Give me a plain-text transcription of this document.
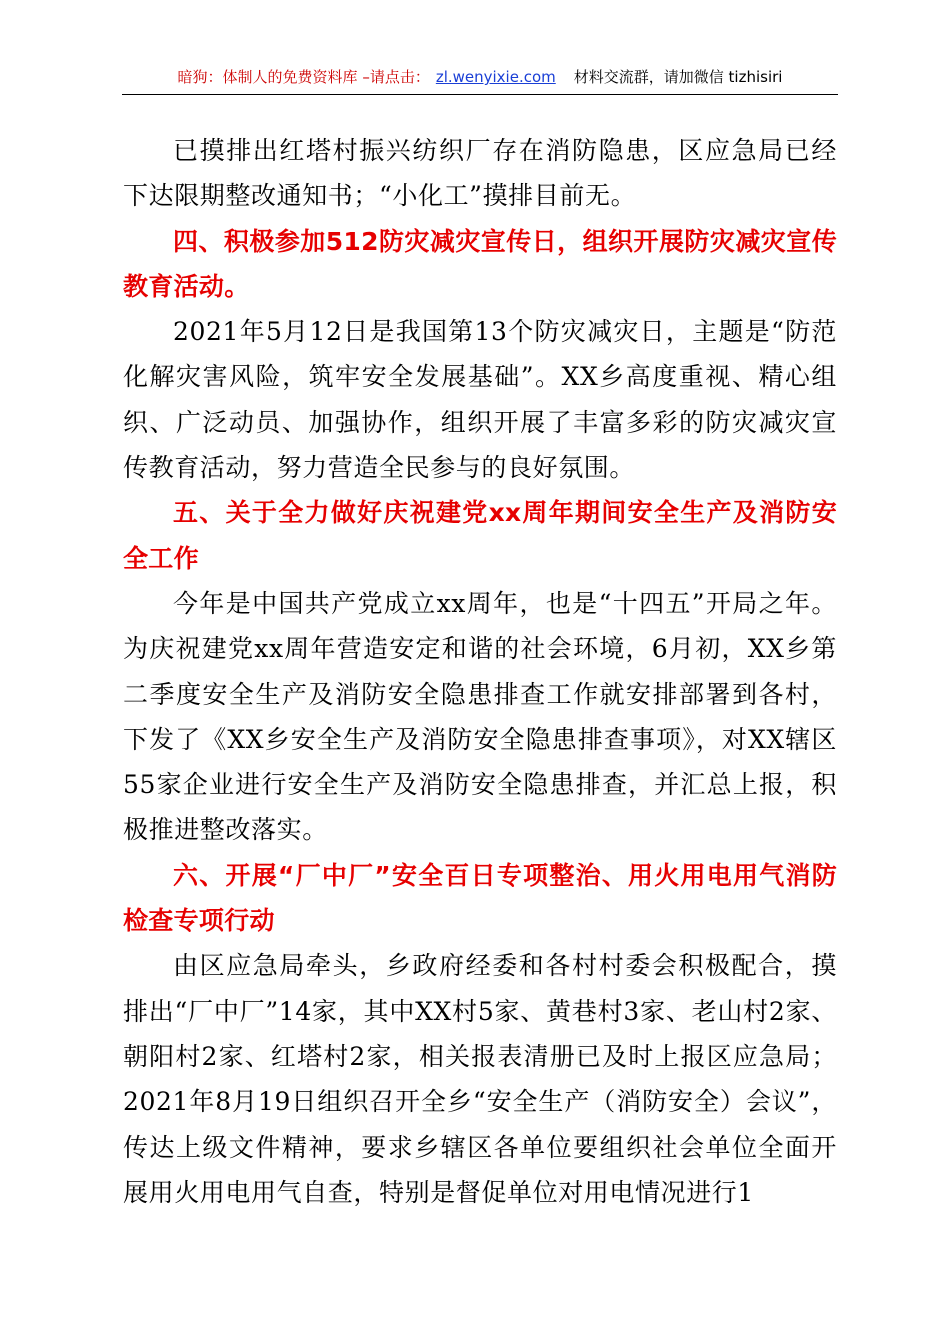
暗狗：体制人的免费资料库 –请点击： zl.wenyixie.com 材料交流群，请加微信 tizhisiri

已摸排出红塔村振兴纺织厂存在消防隐患，区应急局已经下达限期整改通知书；“小化工”摸排目前无。

四、积极参加512防灾减灾宣传日，组织开展防灾减灾宣传教育活动。

2021年5月12日是我国第13个防灾减灾日，主题是“防范化解灾害风险，筑牢安全发展基础”。XX乡高度重视、精心组织、广泛动员、加强协作，组织开展了丰富多彩的防灾减灾宣传教育活动，努力营造全民参与的良好氛围。

五、关于全力做好庆祝建党xx周年期间安全生产及消防安全工作

今年是中国共产党成立xx周年，也是“十四五”开局之年。为庆祝建党xx周年营造安定和谐的社会环境，6月初，XX乡第二季度安全生产及消防安全隐患排查工作就安排部署到各村，下发了《XX乡安全生产及消防安全隐患排查事项》，对XX辖区55家企业进行安全生产及消防安全隐患排查，并汇总上报，积极推进整改落实。

六、开展“厂中厂”安全百日专项整治、用火用电用气消防检查专项行动

由区应急局牵头，乡政府经委和各村村委会积极配合，摸排出“厂中厂”14家，其中XX村5家、黄巷村3家、老山村2家、朝阳村2家、红塔村2家，相关报表清册已及时上报区应急局；2021年8月19日组织召开全乡“安全生产（消防安全）会议”，传达上级文件精神，要求乡辖区各单位要组织社会单位全面开展用火用电用气自查，特别是督促单位对用电情况进行1
